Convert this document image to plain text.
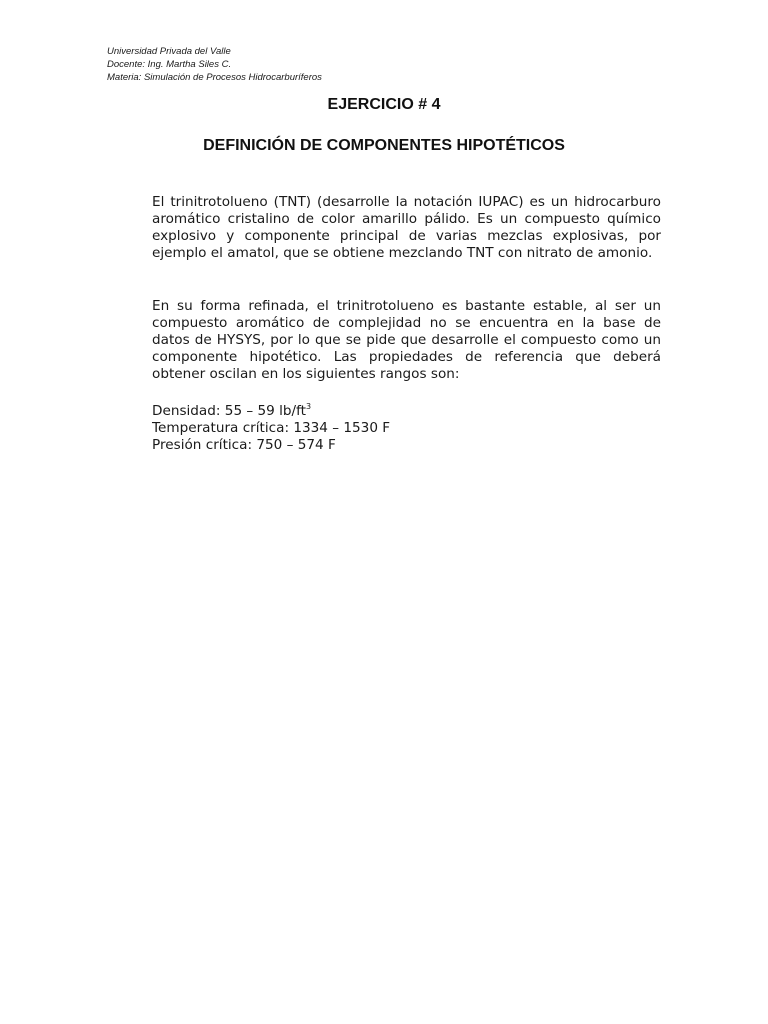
Universidad Privada del Valle
Docente: Ing. Martha Siles C.
Materia: Simulación de Procesos Hidrocarburíferos
EJERCICIO # 4
DEFINICIÓN DE COMPONENTES HIPOTÉTICOS

El trinitrotolueno (TNT) (desarrolle la notación IUPAC) es un hidrocarburo aromático cristalino de color amarillo pálido. Es un compuesto químico explosivo y componente principal de varias mezclas explosivas, por ejemplo el amatol, que se obtiene mezclando TNT con nitrato de amonio.

En su forma refinada, el trinitrotolueno es bastante estable, al ser un compuesto aromático de complejidad no se encuentra en la base de datos de HYSYS, por lo que se pide que desarrolle el compuesto como un componente hipotético. Las propiedades de referencia que deberá obtener oscilan en los siguientes rangos son:

Densidad: 55 – 59 $lb/ft^3$
Temperatura crítica: 1334 – 1530 F
Presión crítica: 750 – 574 F
